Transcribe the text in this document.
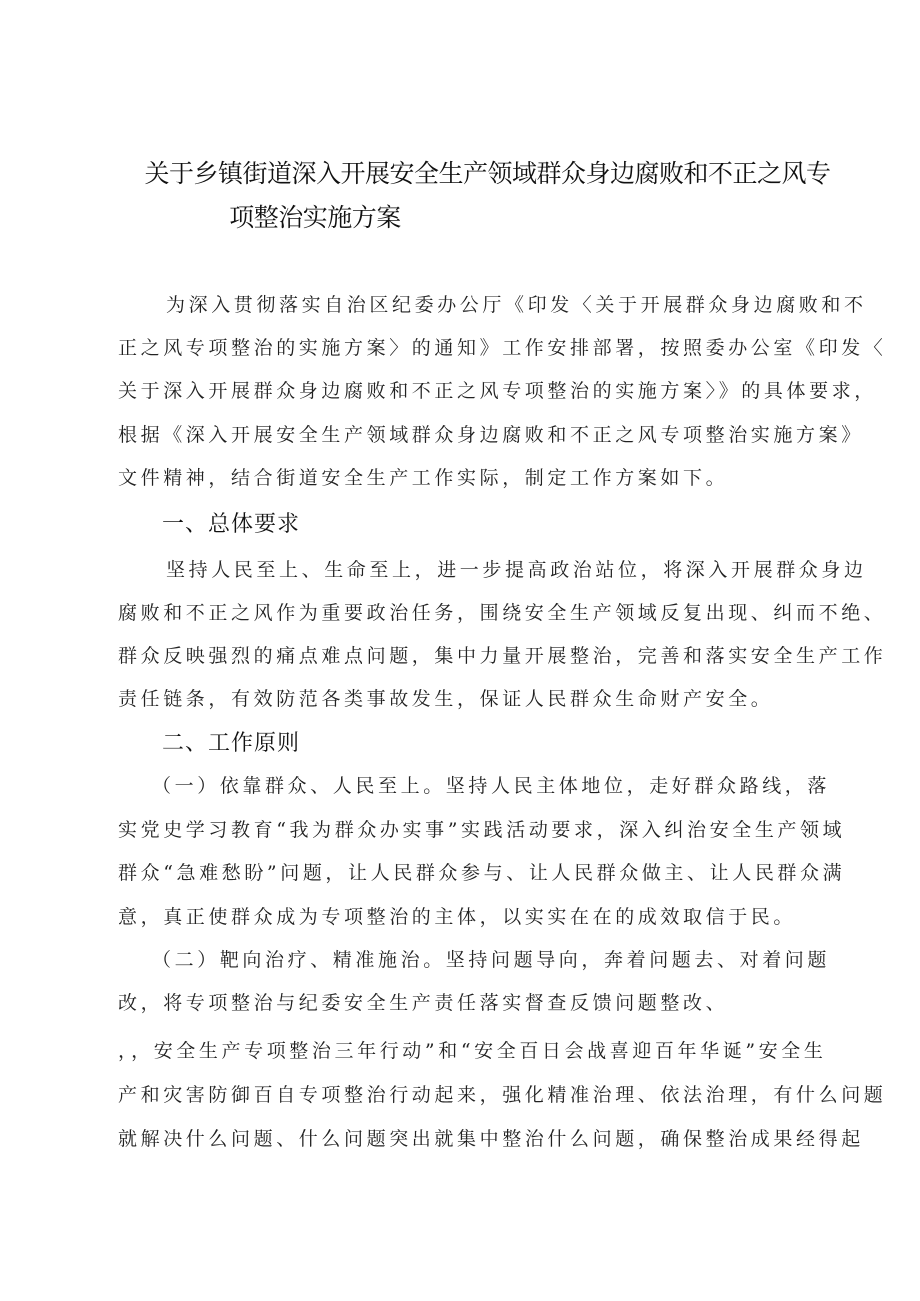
关于乡镇街道深入开展安全生产领域群众身边腐败和不正之风专
项整治实施方案
为深入贯彻落实自治区纪委办公厅《印发〈关于开展群众身边腐败和不
正之风专项整治的实施方案〉的通知》工作安排部署，按照委办公室《印发〈
关于深入开展群众身边腐败和不正之风专项整治的实施方案〉》的具体要求，
根据《深入开展安全生产领域群众身边腐败和不正之风专项整治实施方案》
文件精神，结合街道安全生产工作实际，制定工作方案如下。
一、总体要求
坚持人民至上、生命至上，进一步提高政治站位，将深入开展群众身边
腐败和不正之风作为重要政治任务，围绕安全生产领域反复出现、纠而不绝、
群众反映强烈的痛点难点问题，集中力量开展整治，完善和落实安全生产工作
责任链条，有效防范各类事故发生，保证人民群众生命财产安全。
二、工作原则
（一）依靠群众、人民至上。坚持人民主体地位，走好群众路线，落
实党史学习教育“我为群众办实事”实践活动要求，深入纠治安全生产领域
群众“急难愁盼”问题，让人民群众参与、让人民群众做主、让人民群众满
意，真正使群众成为专项整治的主体，以实实在在的成效取信于民。
（二）靶向治疗、精准施治。坚持问题导向，奔着问题去、对着问题
改，将专项整治与纪委安全生产责任落实督查反馈问题整改、
，，安全生产专项整治三年行动”和“安全百日会战喜迎百年华诞”安全生
产和灾害防御百自专项整治行动起来，强化精准治理、依法治理，有什么问题
就解决什么问题、什么问题突出就集中整治什么问题，确保整治成果经得起
